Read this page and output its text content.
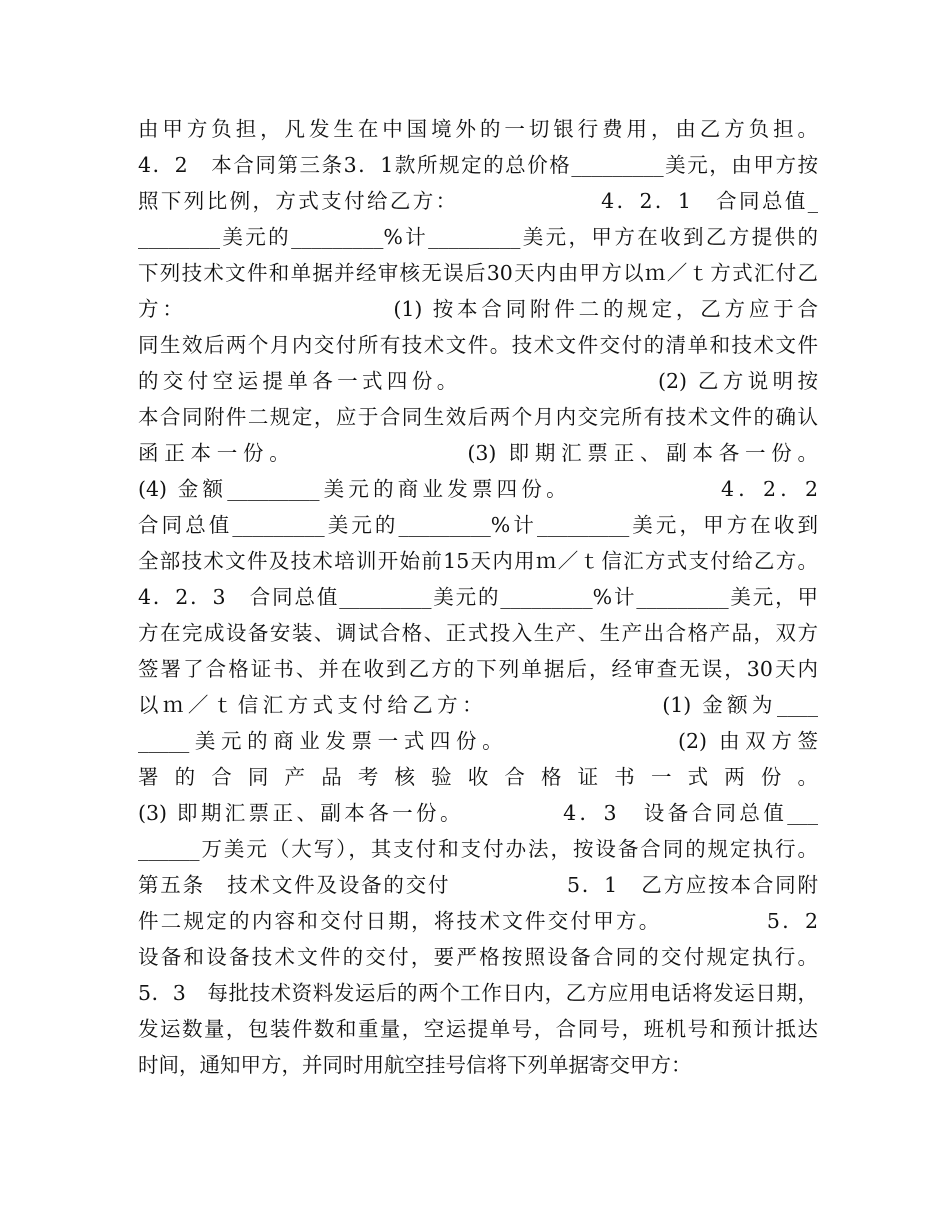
由甲方负担，凡发生在中国境外的一切银行费用，由乙方负担。
4．2　本合同第三条3．1款所规定的总价格_________美元，由甲方按
照下列比例，方式支付给乙方：                4．2．1　合同总值_
________美元的_________%计_________美元，甲方在收到乙方提供的
下列技术文件和单据并经审核无误后30天内由甲方以ｍ／ｔ方式汇付乙
方：                    (1) 按本合同附件二的规定，乙方应于合
同生效后两个月内交付所有技术文件。技术文件交付的清单和技术文件
的交付空运提单各一式四份。                  (2) 乙方说明按
本合同附件二规定，应于合同生效后两个月内交完所有技术文件的确认
函正本一份。              (3) 即期汇票正、副本各一份。
(4) 金额_________美元的商业发票四份。              4．2．2
合同总值_________美元的_________%计_________美元，甲方在收到
全部技术文件及技术培训开始前15天内用ｍ／ｔ信汇方式支付给乙方。
4．2．3　合同总值_________美元的_________%计_________美元，甲
方在完成设备安装、调试合格、正式投入生产、生产出合格产品，双方
签署了合格证书、并在收到乙方的下列单据后，经审查无误，30天内
以ｍ／ｔ信汇方式支付给乙方：                (1) 金额为____
_____美元的商业发票一式四份。              (2) 由双方签
署的合同产品考核验收合格证书一式两份。
(3) 即期汇票正、副本各一份。          4．3　设备合同总值___
______万美元（大写），其支付和支付办法，按设备合同的规定执行。
第五条　技术文件及设备的交付              5．1　乙方应按本合同附
件二规定的内容和交付日期，将技术文件交付甲方。            5．2
设备和设备技术文件的交付，要严格按照设备合同的交付规定执行。
5．3　每批技术资料发运后的两个工作日内，乙方应用电话将发运日期，
发运数量，包装件数和重量，空运提单号，合同号，班机号和预计抵达
时间，通知甲方，并同时用航空挂号信将下列单据寄交甲方：
